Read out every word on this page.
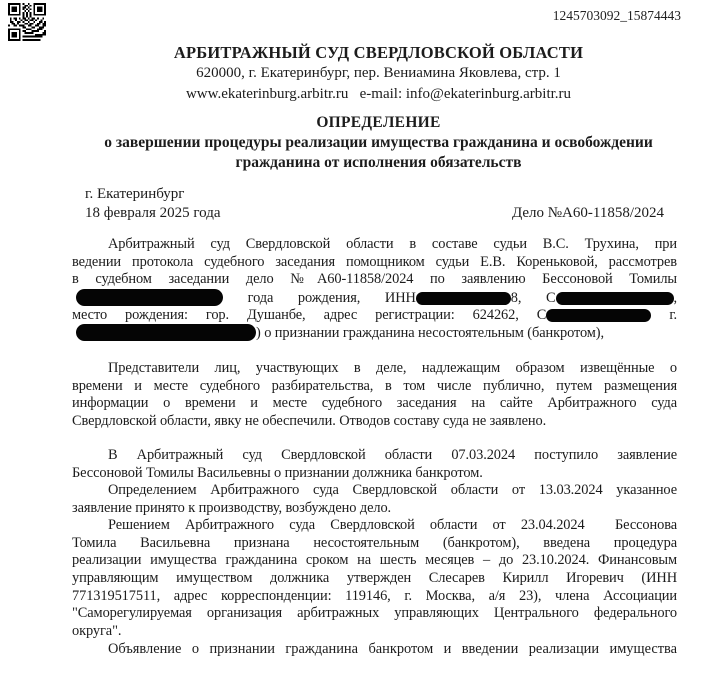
1245703092_15874443
АРБИТРАЖНЫЙ СУД СВЕРДЛОВСКОЙ ОБЛАСТИ
620000, г. Екатеринбург, пер. Вениамина Яковлева, стр. 1
www.ekaterinburg.arbitr.ru   e-mail: info@ekaterinburg.arbitr.ru
ОПРЕДЕЛЕНИЕ
о завершении процедуры реализации имущества гражданина и освобождении
гражданина от исполнения обязательств
г. Екатеринбург
18 февраля 2025 года	Дело №А60-11858/2024
Арбитражный суд Свердловской области в составе судьи В.С. Трухина, при
ведении протокола судебного заседания помощником судьи Е.В. Кореньковой, рассмотрев
в судебном заседании дело №А60-11858/2024 по заявлению Бессоновой Томилы
года рождения, ИНН	8, С	,
место рождения: гор. Душанбе, адрес регистрации: 624262, С	г.
) о признании гражданина несостоятельным (банкротом),
Представители лиц, участвующих в деле, надлежащим образом извещённые о
времени и месте судебного разбирательства, в том числе публично, путем размещения
информации о времени и месте судебного заседания на сайте Арбитражного суда
Свердловской области, явку не обеспечили. Отводов составу суда не заявлено.
В Арбитражный суд Свердловской области 07.03.2024 поступило заявление
Бессоновой Томилы Васильевны о признании должника банкротом.
Определением Арбитражного суда Свердловской области от 13.03.2024 указанное
заявление принято к производству, возбуждено дело.
Решением Арбитражного суда Свердловской области от 23.04.2024  Бессонова
Томила Васильевна признана несостоятельным (банкротом), введена процедура
реализации имущества гражданина сроком на шесть месяцев – до 23.10.2024. Финансовым
управляющим имуществом должника утвержден Слесарев Кирилл Игоревич (ИНН
771319517511, адрес корреспонденции: 119146, г. Москва, а/я 23), члена Ассоциации
"Саморегулируемая организация арбитражных управляющих Центрального федерального
округа".
Объявление о признании гражданина банкротом и введении реализации имущества
